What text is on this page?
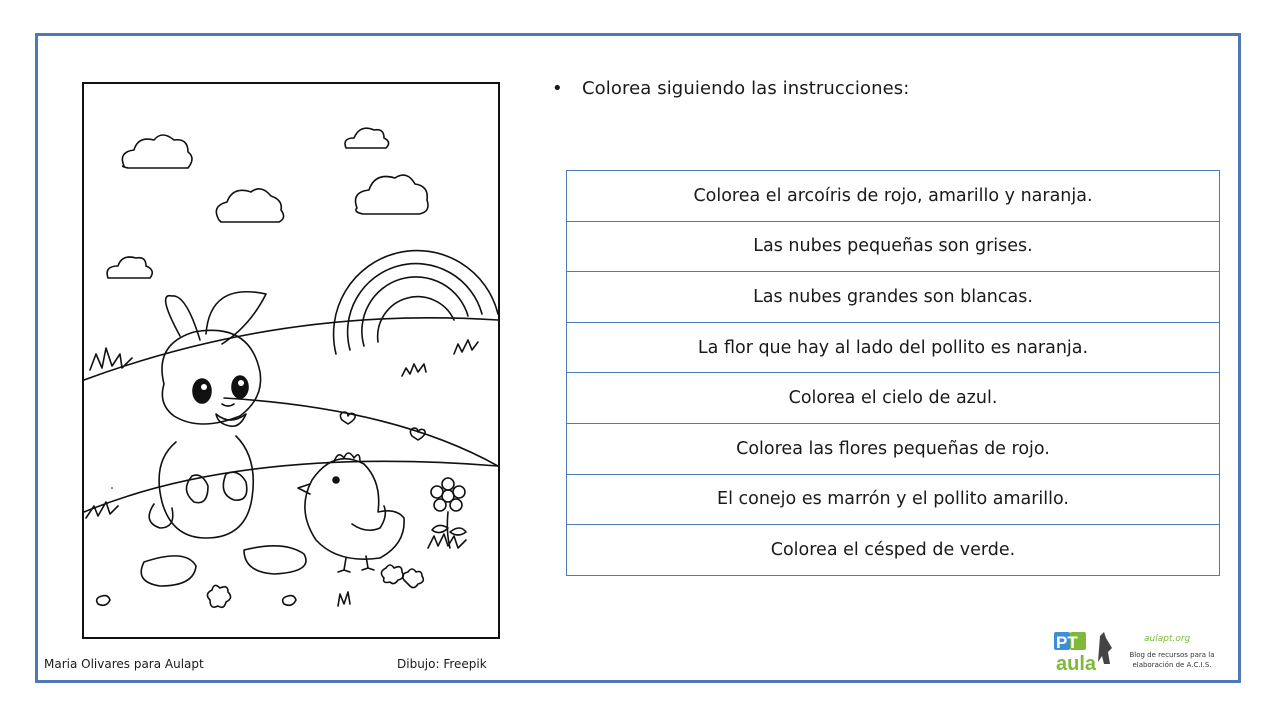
• Colorea siguiendo las instrucciones:
Colorea el arcoíris de rojo, amarillo y naranja.
Las nubes pequeñas son grises.
Las nubes grandes son blancas.
La flor que hay al lado del pollito es naranja.
Colorea el cielo de azul.
Colorea las flores pequeñas de rojo.
El conejo es marrón y el pollito amarillo.
Colorea el césped de verde.
Maria Olivares para Aulapt	Dibujo: Freepik
PT
aula
aulapt.org
Blog de recursos para la elaboración de A.C.I.S.
